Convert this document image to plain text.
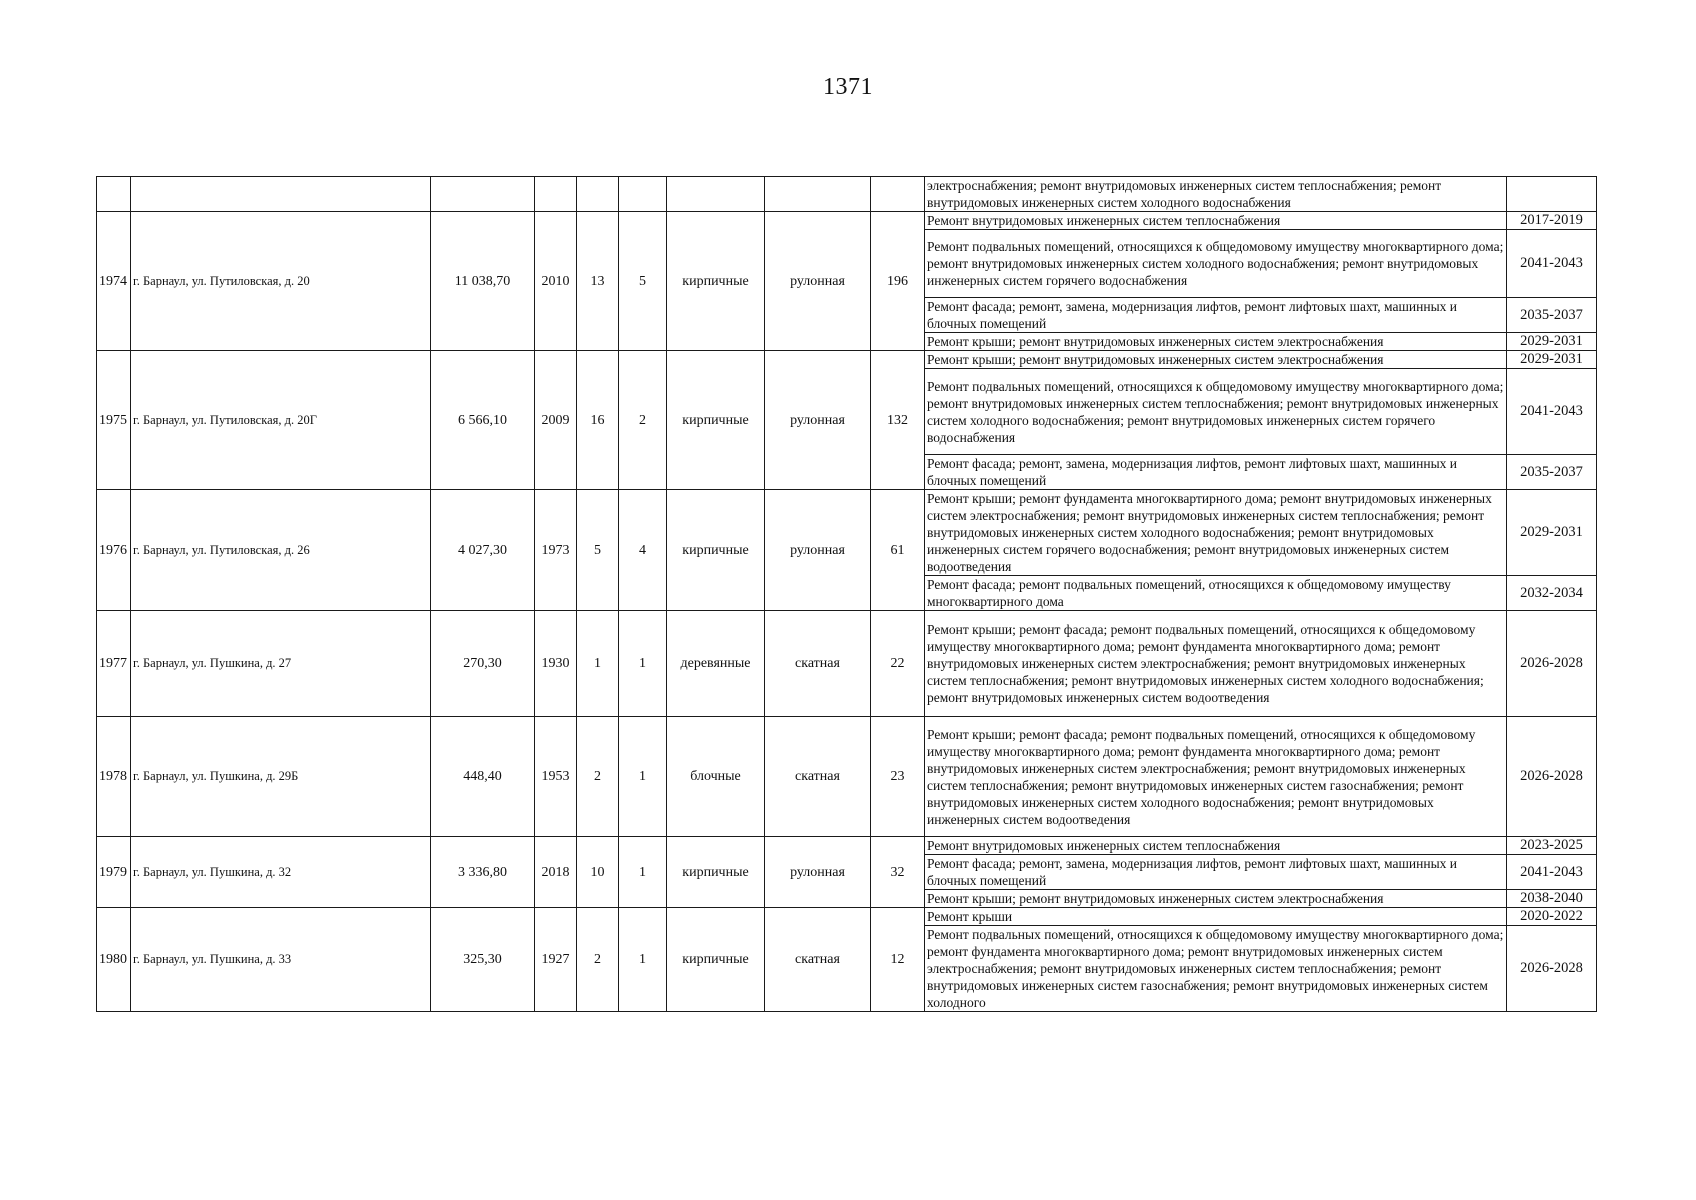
1371
									электроснабжения; ремонт внутридомовых инженерных систем теплоснабжения; ремонт внутридомовых инженерных систем холодного водоснабжения	
1974	г. Барнаул, ул. Путиловская, д. 20	11 038,70	2010	13	5	кирпичные	рулонная	196	Ремонт внутридомовых инженерных систем теплоснабжения	2017-2019
									Ремонт подвальных помещений, относящихся к общедомовому имуществу многоквартирного дома; ремонт внутридомовых инженерных систем холодного водоснабжения; ремонт внутридомовых инженерных систем горячего водоснабжения	2041-2043
									Ремонт фасада; ремонт, замена, модернизация лифтов, ремонт лифтовых шахт, машинных и блочных помещений	2035-2037
									Ремонт крыши; ремонт внутридомовых инженерных систем электроснабжения	2029-2031
1975	г. Барнаул, ул. Путиловская, д. 20Г	6 566,10	2009	16	2	кирпичные	рулонная	132	Ремонт крыши; ремонт внутридомовых инженерных систем электроснабжения	2029-2031
									Ремонт подвальных помещений, относящихся к общедомовому имуществу многоквартирного дома; ремонт внутридомовых инженерных систем теплоснабжения; ремонт внутридомовых инженерных систем холодного водоснабжения; ремонт внутридомовых инженерных систем горячего водоснабжения	2041-2043
									Ремонт фасада; ремонт, замена, модернизация лифтов, ремонт лифтовых шахт, машинных и блочных помещений	2035-2037
1976	г. Барнаул, ул. Путиловская, д. 26	4 027,30	1973	5	4	кирпичные	рулонная	61	Ремонт крыши; ремонт фундамента многоквартирного дома; ремонт внутридомовых инженерных систем электроснабжения; ремонт внутридомовых инженерных систем теплоснабжения; ремонт внутридомовых инженерных систем холодного водоснабжения; ремонт внутридомовых инженерных систем горячего водоснабжения; ремонт внутридомовых инженерных систем водоотведения	2029-2031
									Ремонт фасада; ремонт подвальных помещений, относящихся к общедомовому имуществу многоквартирного дома	2032-2034
1977	г. Барнаул, ул. Пушкина, д. 27	270,30	1930	1	1	деревянные	скатная	22	Ремонт крыши; ремонт фасада; ремонт подвальных помещений, относящихся к общедомовому имуществу многоквартирного дома; ремонт фундамента многоквартирного дома; ремонт внутридомовых инженерных систем электроснабжения; ремонт внутридомовых инженерных систем теплоснабжения; ремонт внутридомовых инженерных систем холодного водоснабжения; ремонт внутридомовых инженерных систем водоотведения	2026-2028
1978	г. Барнаул, ул. Пушкина, д. 29Б	448,40	1953	2	1	блочные	скатная	23	Ремонт крыши; ремонт фасада; ремонт подвальных помещений, относящихся к общедомовому имуществу многоквартирного дома; ремонт фундамента многоквартирного дома; ремонт внутридомовых инженерных систем электроснабжения; ремонт внутридомовых инженерных систем теплоснабжения; ремонт внутридомовых инженерных систем газоснабжения; ремонт внутридомовых инженерных систем холодного водоснабжения; ремонт внутридомовых инженерных систем водоотведения	2026-2028
1979	г. Барнаул, ул. Пушкина, д. 32	3 336,80	2018	10	1	кирпичные	рулонная	32	Ремонт внутридомовых инженерных систем теплоснабжения	2023-2025
									Ремонт фасада; ремонт, замена, модернизация лифтов, ремонт лифтовых шахт, машинных и блочных помещений	2041-2043
									Ремонт крыши; ремонт внутридомовых инженерных систем электроснабжения	2038-2040
1980	г. Барнаул, ул. Пушкина, д. 33	325,30	1927	2	1	кирпичные	скатная	12	Ремонт крыши	2020-2022
									Ремонт подвальных помещений, относящихся к общедомовому имуществу многоквартирного дома; ремонт фундамента многоквартирного дома; ремонт внутридомовых инженерных систем электроснабжения; ремонт внутридомовых инженерных систем теплоснабжения; ремонт внутридомовых инженерных систем газоснабжения; ремонт внутридомовых инженерных систем холодного	2026-2028
